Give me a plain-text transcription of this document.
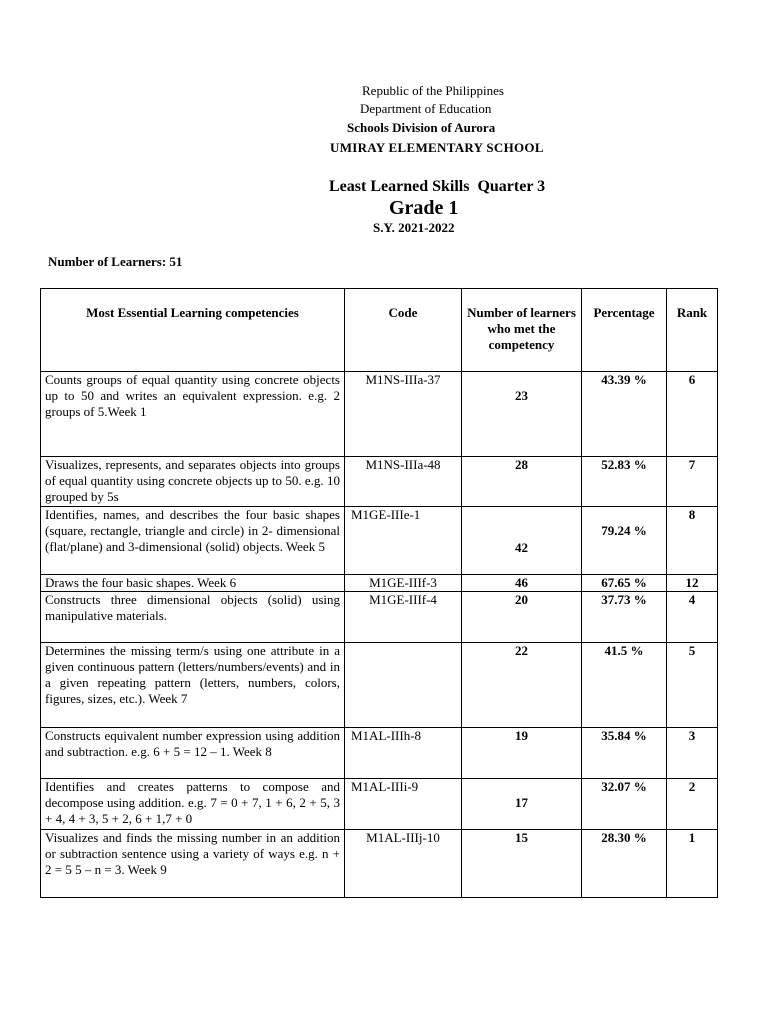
Republic of the Philippines
Department of Education
Schools Division of Aurora
UMIRAY ELEMENTARY SCHOOL
Least Learned Skills  Quarter 3
Grade 1
S.Y. 2021-2022
Number of Learners: 51
Most Essential Learning competencies	Code	Number of learners who met the competency	Percentage	Rank
Counts groups of equal quantity using concrete objects up to 50 and writes an equivalent expression. e.g. 2 groups of 5.Week 1	M1NS-IIIa-37	23	43.39 %	6
Visualizes, represents, and separates objects into groups of equal quantity using concrete objects up to 50. e.g. 10 grouped by 5s	M1NS-IIIa-48	28	52.83 %	7
Identifies, names, and describes the four basic shapes (square, rectangle, triangle and circle) in 2- dimensional (flat/plane) and 3-dimensional (solid) objects. Week 5	M1GE-IIIe-1	42	79.24 %	8
Draws the four basic shapes. Week 6	M1GE-IIIf-3	46	67.65 %	12
Constructs three dimensional objects (solid) using manipulative materials.	M1GE-IIIf-4	20	37.73 %	4
Determines the missing term/s using one attribute in a given continuous pattern (letters/numbers/events) and in a given repeating pattern (letters, numbers, colors, figures, sizes, etc.). Week 7		22	41.5 %	5
Constructs equivalent number expression using addition and subtraction. e.g. 6 + 5 = 12 – 1. Week 8	M1AL-IIIh-8	19	35.84 %	3
Identifies and creates patterns to compose and decompose using addition. e.g. 7 = 0 + 7, 1 + 6, 2 + 5, 3 + 4, 4 + 3, 5 + 2, 6 + 1,7 + 0	M1AL-IIIi-9	17	32.07 %	2
Visualizes and finds the missing number in an addition or subtraction sentence using a variety of ways e.g. n + 2 = 5 5 – n = 3. Week 9	M1AL-IIIj-10	15	28.30 %	1
